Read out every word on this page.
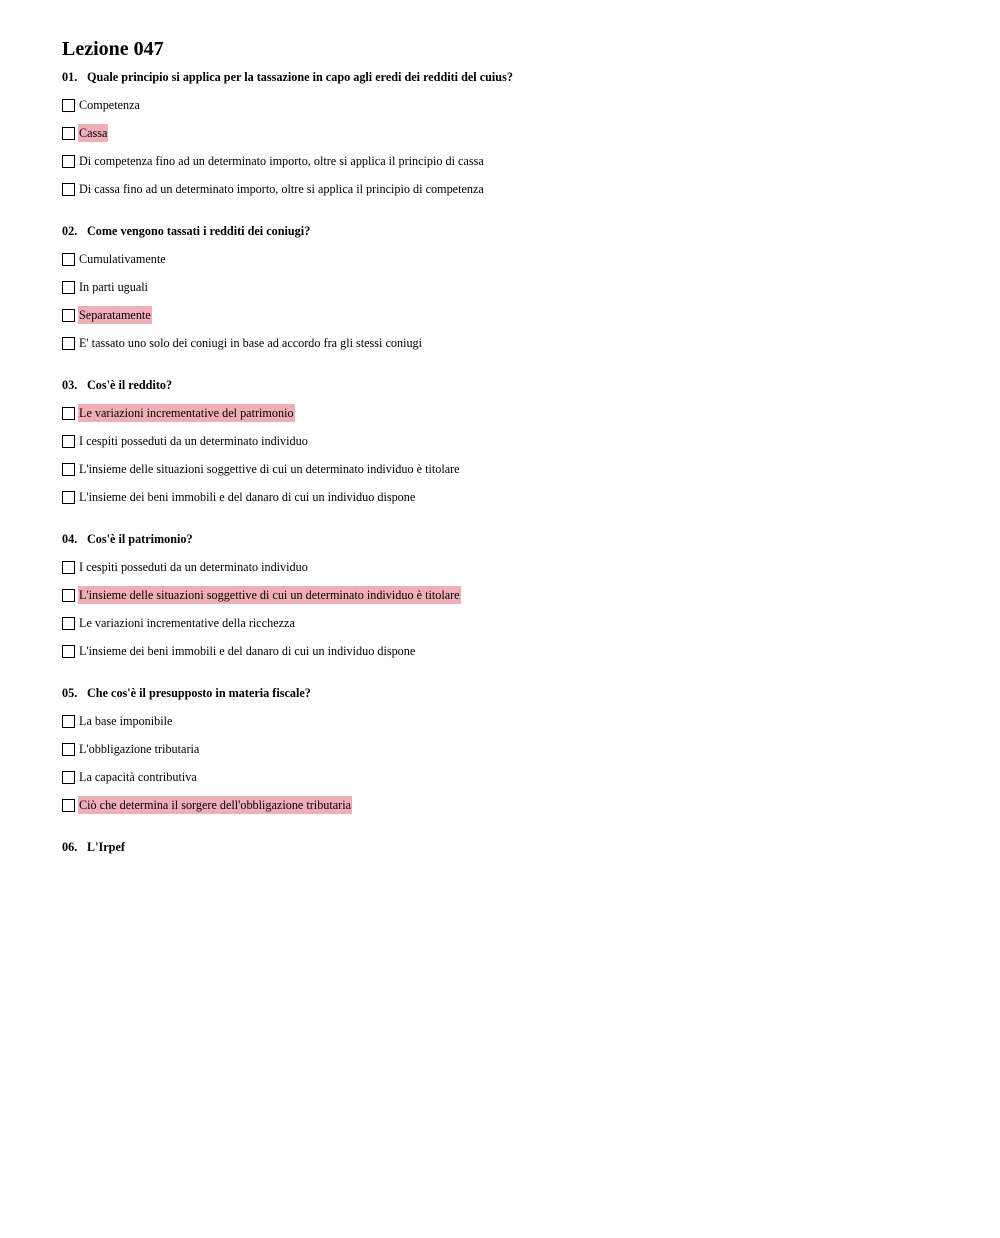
Lezione 047
01. Quale principio si applica per la tassazione in capo agli eredi dei redditi del cuius?
Competenza
Cassa
Di competenza fino ad un determinato importo, oltre si applica il principio di cassa
Di cassa fino ad un determinato importo, oltre si applica il principio di competenza
02. Come vengono tassati i redditi dei coniugi?
Cumulativamente
In parti uguali
Separatamente
E' tassato uno solo dei coniugi in base ad accordo fra gli stessi coniugi
03. Cos'è il reddito?
Le variazioni incrementative del patrimonio
I cespiti posseduti da un determinato individuo
L'insieme delle situazioni soggettive di cui un determinato individuo è titolare
L'insieme dei beni immobili e del danaro di cui un individuo dispone
04. Cos'è il patrimonio?
I cespiti posseduti da un determinato individuo
L'insieme delle situazioni soggettive di cui un determinato individuo è titolare
Le variazioni incrementative della ricchezza
L'insieme dei beni immobili e del danaro di cui un individuo dispone
05. Che cos'è il presupposto in materia fiscale?
La base imponibile
L'obbligazione tributaria
La capacità contributiva
Ciò che determina il sorgere dell'obbligazione tributaria
06. L'Irpef
